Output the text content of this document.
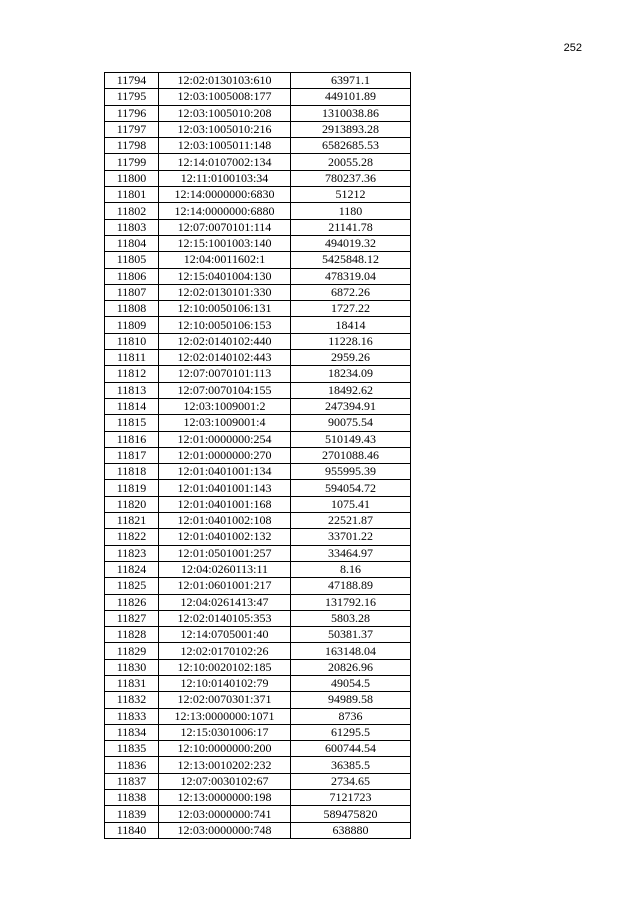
252
11794	12:02:0130103:610	63971.1
11795	12:03:1005008:177	449101.89
11796	12:03:1005010:208	1310038.86
11797	12:03:1005010:216	2913893.28
11798	12:03:1005011:148	6582685.53
11799	12:14:0107002:134	20055.28
11800	12:11:0100103:34	780237.36
11801	12:14:0000000:6830	51212
11802	12:14:0000000:6880	1180
11803	12:07:0070101:114	21141.78
11804	12:15:1001003:140	494019.32
11805	12:04:0011602:1	5425848.12
11806	12:15:0401004:130	478319.04
11807	12:02:0130101:330	6872.26
11808	12:10:0050106:131	1727.22
11809	12:10:0050106:153	18414
11810	12:02:0140102:440	11228.16
11811	12:02:0140102:443	2959.26
11812	12:07:0070101:113	18234.09
11813	12:07:0070104:155	18492.62
11814	12:03:1009001:2	247394.91
11815	12:03:1009001:4	90075.54
11816	12:01:0000000:254	510149.43
11817	12:01:0000000:270	2701088.46
11818	12:01:0401001:134	955995.39
11819	12:01:0401001:143	594054.72
11820	12:01:0401001:168	1075.41
11821	12:01:0401002:108	22521.87
11822	12:01:0401002:132	33701.22
11823	12:01:0501001:257	33464.97
11824	12:04:0260113:11	8.16
11825	12:01:0601001:217	47188.89
11826	12:04:0261413:47	131792.16
11827	12:02:0140105:353	5803.28
11828	12:14:0705001:40	50381.37
11829	12:02:0170102:26	163148.04
11830	12:10:0020102:185	20826.96
11831	12:10:0140102:79	49054.5
11832	12:02:0070301:371	94989.58
11833	12:13:0000000:1071	8736
11834	12:15:0301006:17	61295.5
11835	12:10:0000000:200	600744.54
11836	12:13:0010202:232	36385.5
11837	12:07:0030102:67	2734.65
11838	12:13:0000000:198	7121723
11839	12:03:0000000:741	589475820
11840	12:03:0000000:748	638880
